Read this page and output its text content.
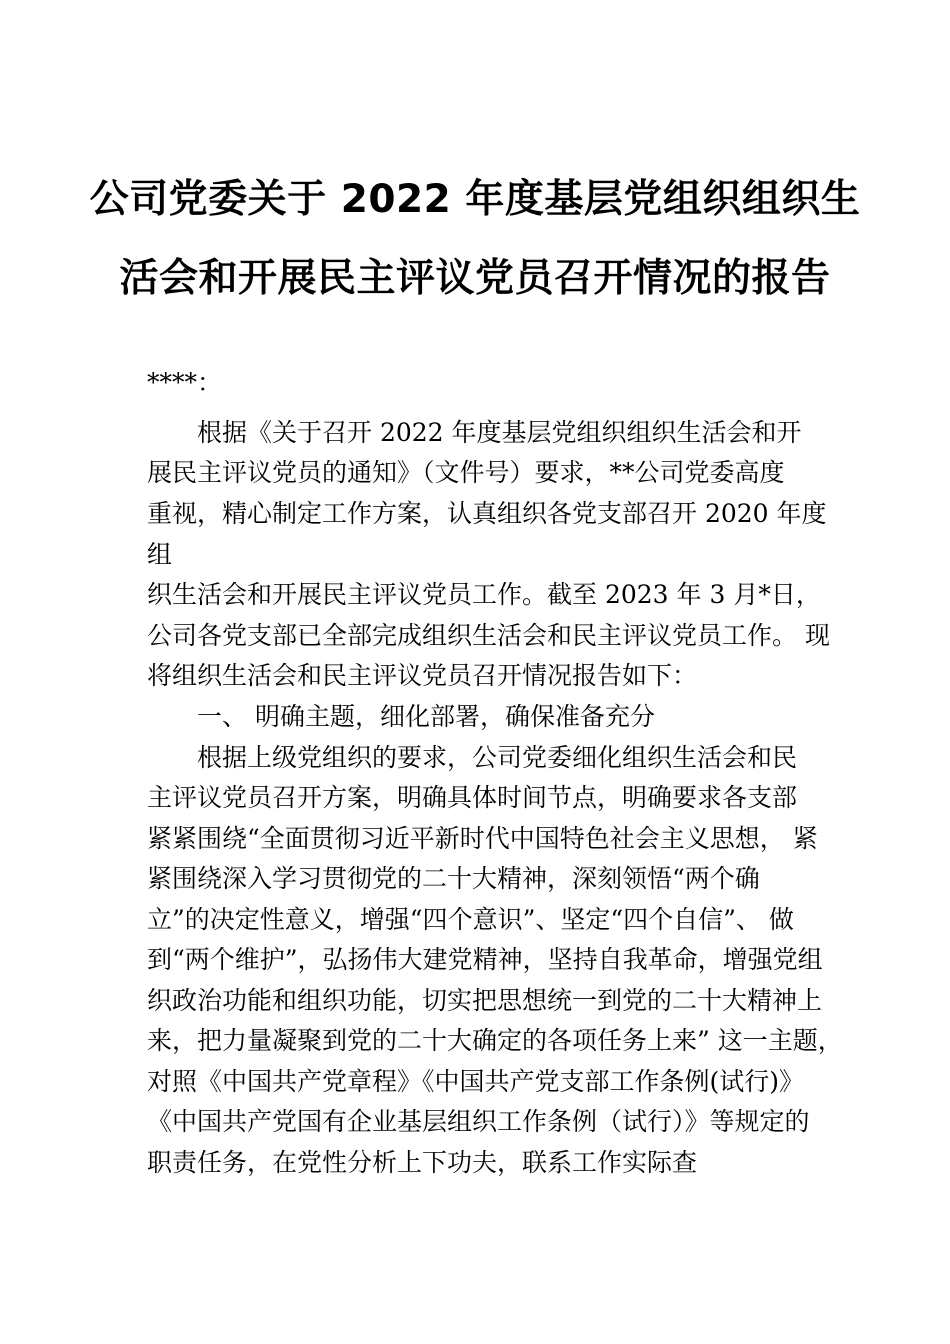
公司党委关于 2022 年度基层党组织组织生
活会和开展民主评议党员召开情况的报告
****：
根据《关于召开 2022 年度基层党组织组织生活会和开
展民主评议党员的通知》（文件号）要求，**公司党委高度
重视，精心制定工作方案，认真组织各党支部召开 2020 年度
组
织生活会和开展民主评议党员工作。截至 2023 年 3 月*日，
公司各党支部已全部完成组织生活会和民主评议党员工作。 现
将组织生活会和民主评议党员召开情况报告如下：
一、 明确主题，细化部署，确保准备充分
根据上级党组织的要求，公司党委细化组织生活会和民
主评议党员召开方案，明确具体时间节点，明确要求各支部
紧紧围绕“全面贯彻习近平新时代中国特色社会主义思想， 紧
紧围绕深入学习贯彻党的二十大精神，深刻领悟“两个确
立”的决定性意义，增强“四个意识”、坚定“四个自信”、 做
到“两个维护”，弘扬伟大建党精神，坚持自我革命，增强党组
织政治功能和组织功能，切实把思想统一到党的二十大精神上
来，把力量凝聚到党的二十大确定的各项任务上来” 这一主题，
对照《中国共产党章程》《中国共产党支部工作条例(试行)》
《中国共产党国有企业基层组织工作条例（试行）》等规定的
职责任务，在党性分析上下功夫，联系工作实际查
